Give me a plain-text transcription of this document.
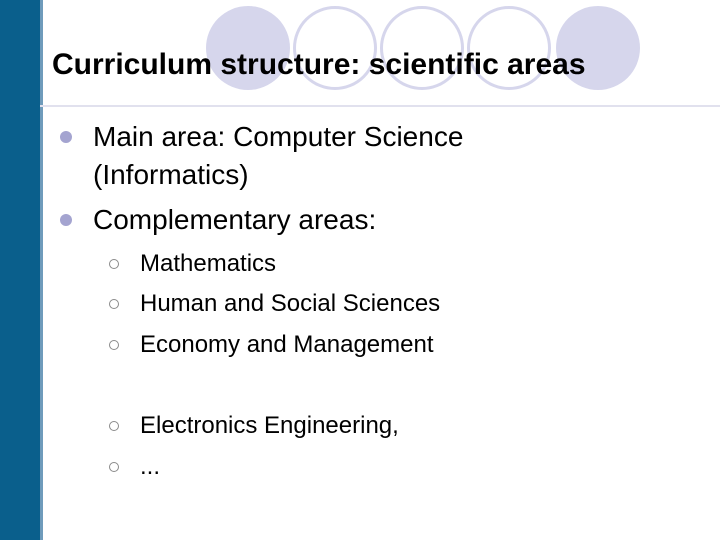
Curriculum structure: scientific areas
Main area: Computer Science
(Informatics)
Complementary areas:
Mathematics
Human and Social Sciences
Economy and Management
Electronics Engineering,
...
